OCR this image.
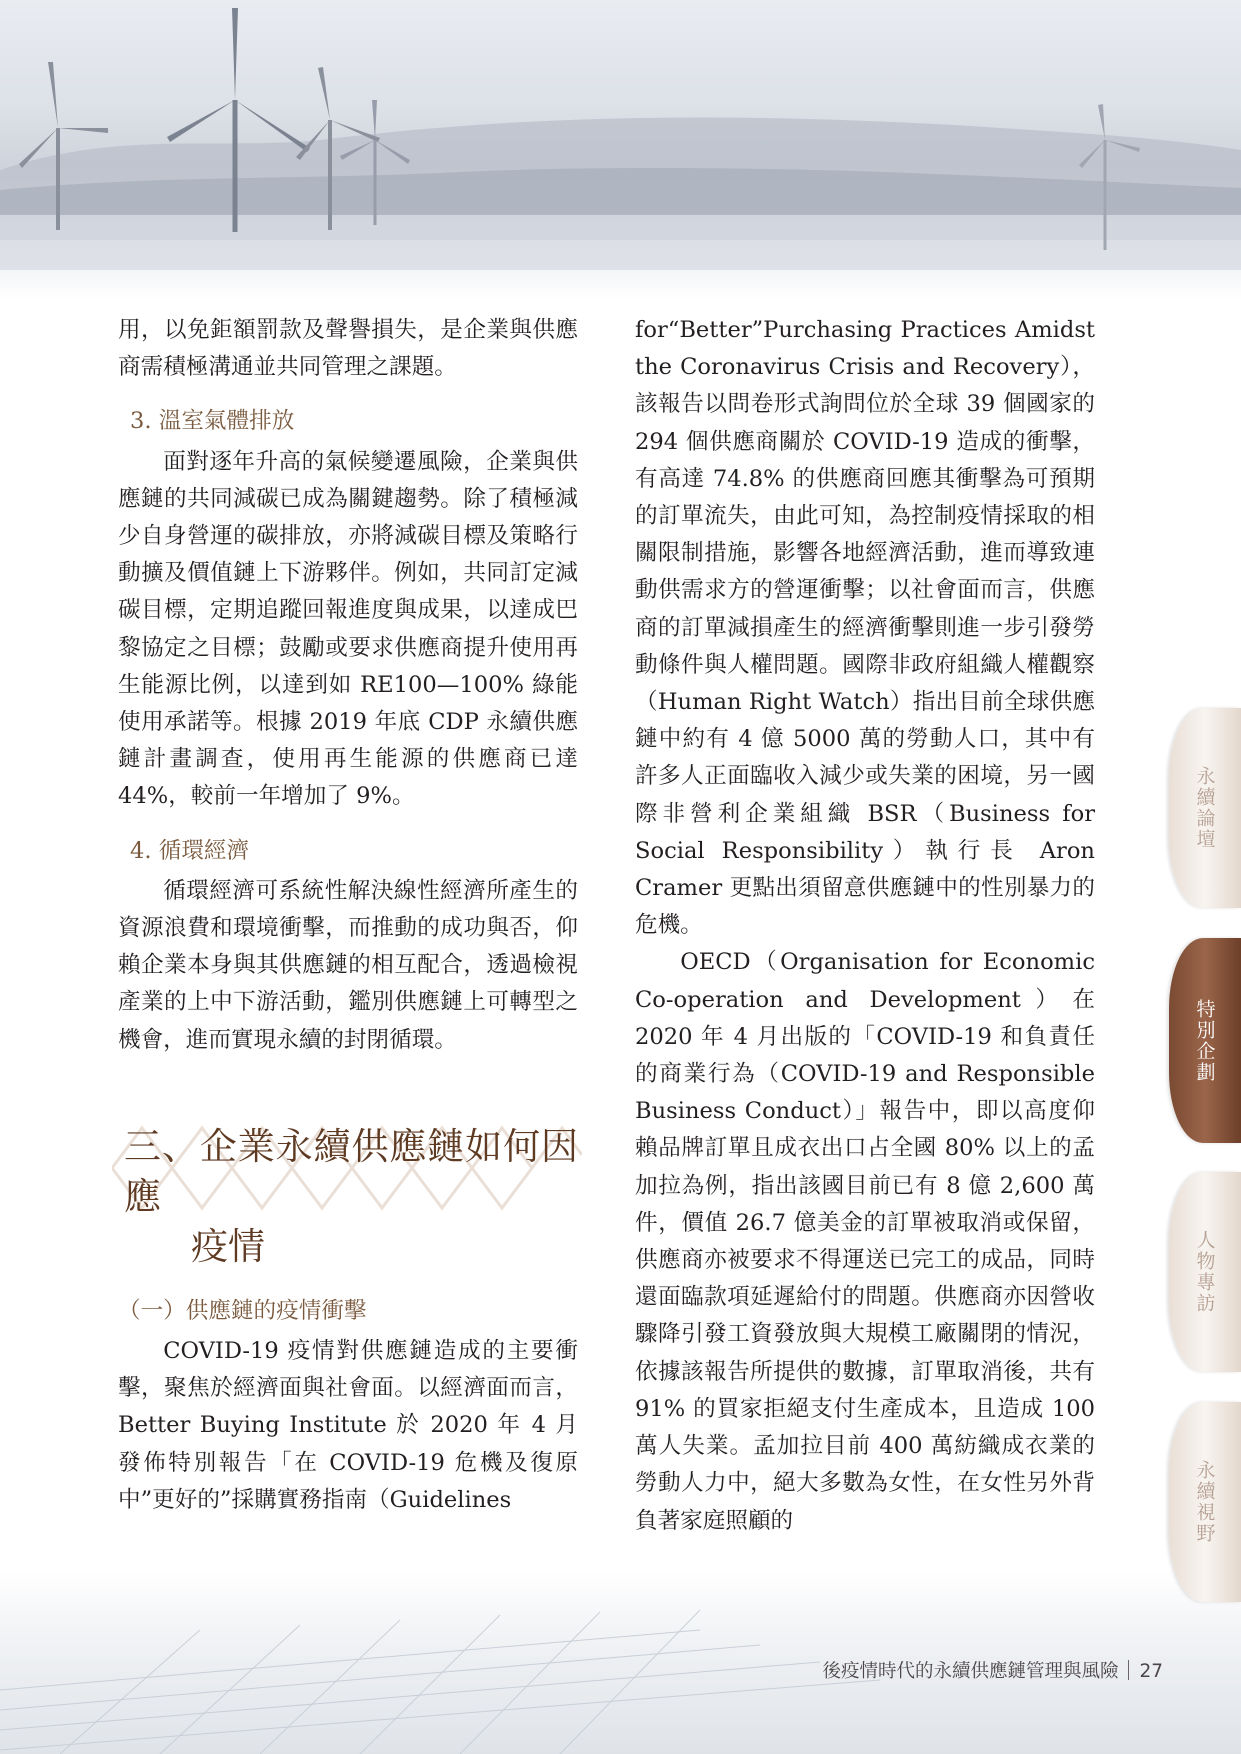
用，以免鉅額罰款及聲譽損失，是企業與供應商需積極溝通並共同管理之課題。

3. 溫室氣體排放

面對逐年升高的氣候變遷風險，企業與供應鏈的共同減碳已成為關鍵趨勢。除了積極減少自身營運的碳排放，亦將減碳目標及策略行動擴及價值鏈上下游夥伴。例如，共同訂定減碳目標，定期追蹤回報進度與成果，以達成巴黎協定之目標；鼓勵或要求供應商提升使用再生能源比例，以達到如 RE100—100% 綠能使用承諾等。根據 2019 年底 CDP 永續供應鏈計畫調查，使用再生能源的供應商已達 44%，較前一年增加了 9%。

4. 循環經濟

循環經濟可系統性解決線性經濟所產生的資源浪費和環境衝擊，而推動的成功與否，仰賴企業本身與其供應鏈的相互配合，透過檢視產業的上中下游活動，鑑別供應鏈上可轉型之機會，進而實現永續的封閉循環。

三、企業永續供應鏈如何因應
疫情
（一）供應鏈的疫情衝擊

COVID-19 疫情對供應鏈造成的主要衝擊，聚焦於經濟面與社會面。以經濟面而言，Better Buying Institute 於 2020 年 4 月發佈特別報告「在 COVID-19 危機及復原中”更好的”採購實務指南（Guidelines

for“Better”Purchasing Practices Amidst the Coronavirus Crisis and Recovery），該報告以問卷形式詢問位於全球 39 個國家的 294 個供應商關於 COVID-19 造成的衝擊，有高達 74.8% 的供應商回應其衝擊為可預期的訂單流失，由此可知，為控制疫情採取的相關限制措施，影響各地經濟活動，進而導致連動供需求方的營運衝擊；以社會面而言，供應商的訂單減損產生的經濟衝擊則進一步引發勞動條件與人權問題。國際非政府組織人權觀察（Human Right Watch）指出目前全球供應鏈中約有 4 億 5000 萬的勞動人口，其中有許多人正面臨收入減少或失業的困境，另一國際非營利企業組織 BSR（Business for Social Responsibility）執行長 Aron Cramer 更點出須留意供應鏈中的性別暴力的危機。

OECD（Organisation for Economic Co-operation and Development）在 2020 年 4 月出版的「COVID-19 和負責任的商業行為（COVID-19 and Responsible Business Conduct）」報告中，即以高度仰賴品牌訂單且成衣出口占全國 80% 以上的孟加拉為例，指出該國目前已有 8 億 2,600 萬件，價值 26.7 億美金的訂單被取消或保留，供應商亦被要求不得運送已完工的成品，同時還面臨款項延遲給付的問題。供應商亦因營收驟降引發工資發放與大規模工廠關閉的情況，依據該報告所提供的數據，訂單取消後，共有 91% 的買家拒絕支付生產成本，且造成 100 萬人失業。孟加拉目前 400 萬紡織成衣業的勞動人力中，絕大多數為女性，在女性另外背負著家庭照顧的

永續論壇
特別企劃
人物專訪
永續視野
後疫情時代的永續供應鏈管理與風險 27
